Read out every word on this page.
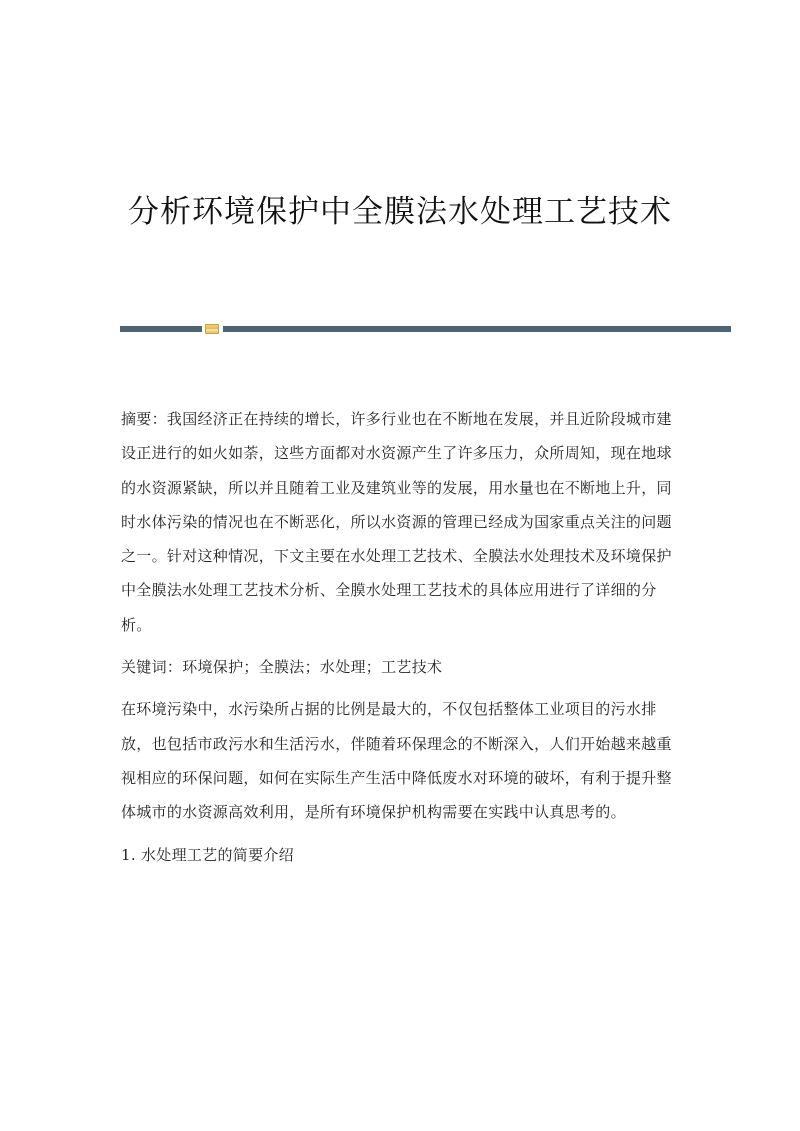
分析环境保护中全膜法水处理工艺技术

摘要：我国经济正在持续的增长，许多行业也在不断地在发展，并且近阶段城市建设正进行的如火如荼，这些方面都对水资源产生了许多压力，众所周知，现在地球的水资源紧缺，所以并且随着工业及建筑业等的发展，用水量也在不断地上升，同时水体污染的情况也在不断恶化，所以水资源的管理已经成为国家重点关注的问题之一。针对这种情况，下文主要在水处理工艺技术、全膜法水处理技术及环境保护中全膜法水处理工艺技术分析、全膜水处理工艺技术的具体应用进行了详细的分析。

关键词：环境保护；全膜法；水处理；工艺技术

在环境污染中，水污染所占据的比例是最大的，不仅包括整体工业项目的污水排放，也包括市政污水和生活污水，伴随着环保理念的不断深入，人们开始越来越重视相应的环保问题，如何在实际生产生活中降低废水对环境的破坏，有利于提升整体城市的水资源高效利用，是所有环境保护机构需要在实践中认真思考的。

1. 水处理工艺的简要介绍
